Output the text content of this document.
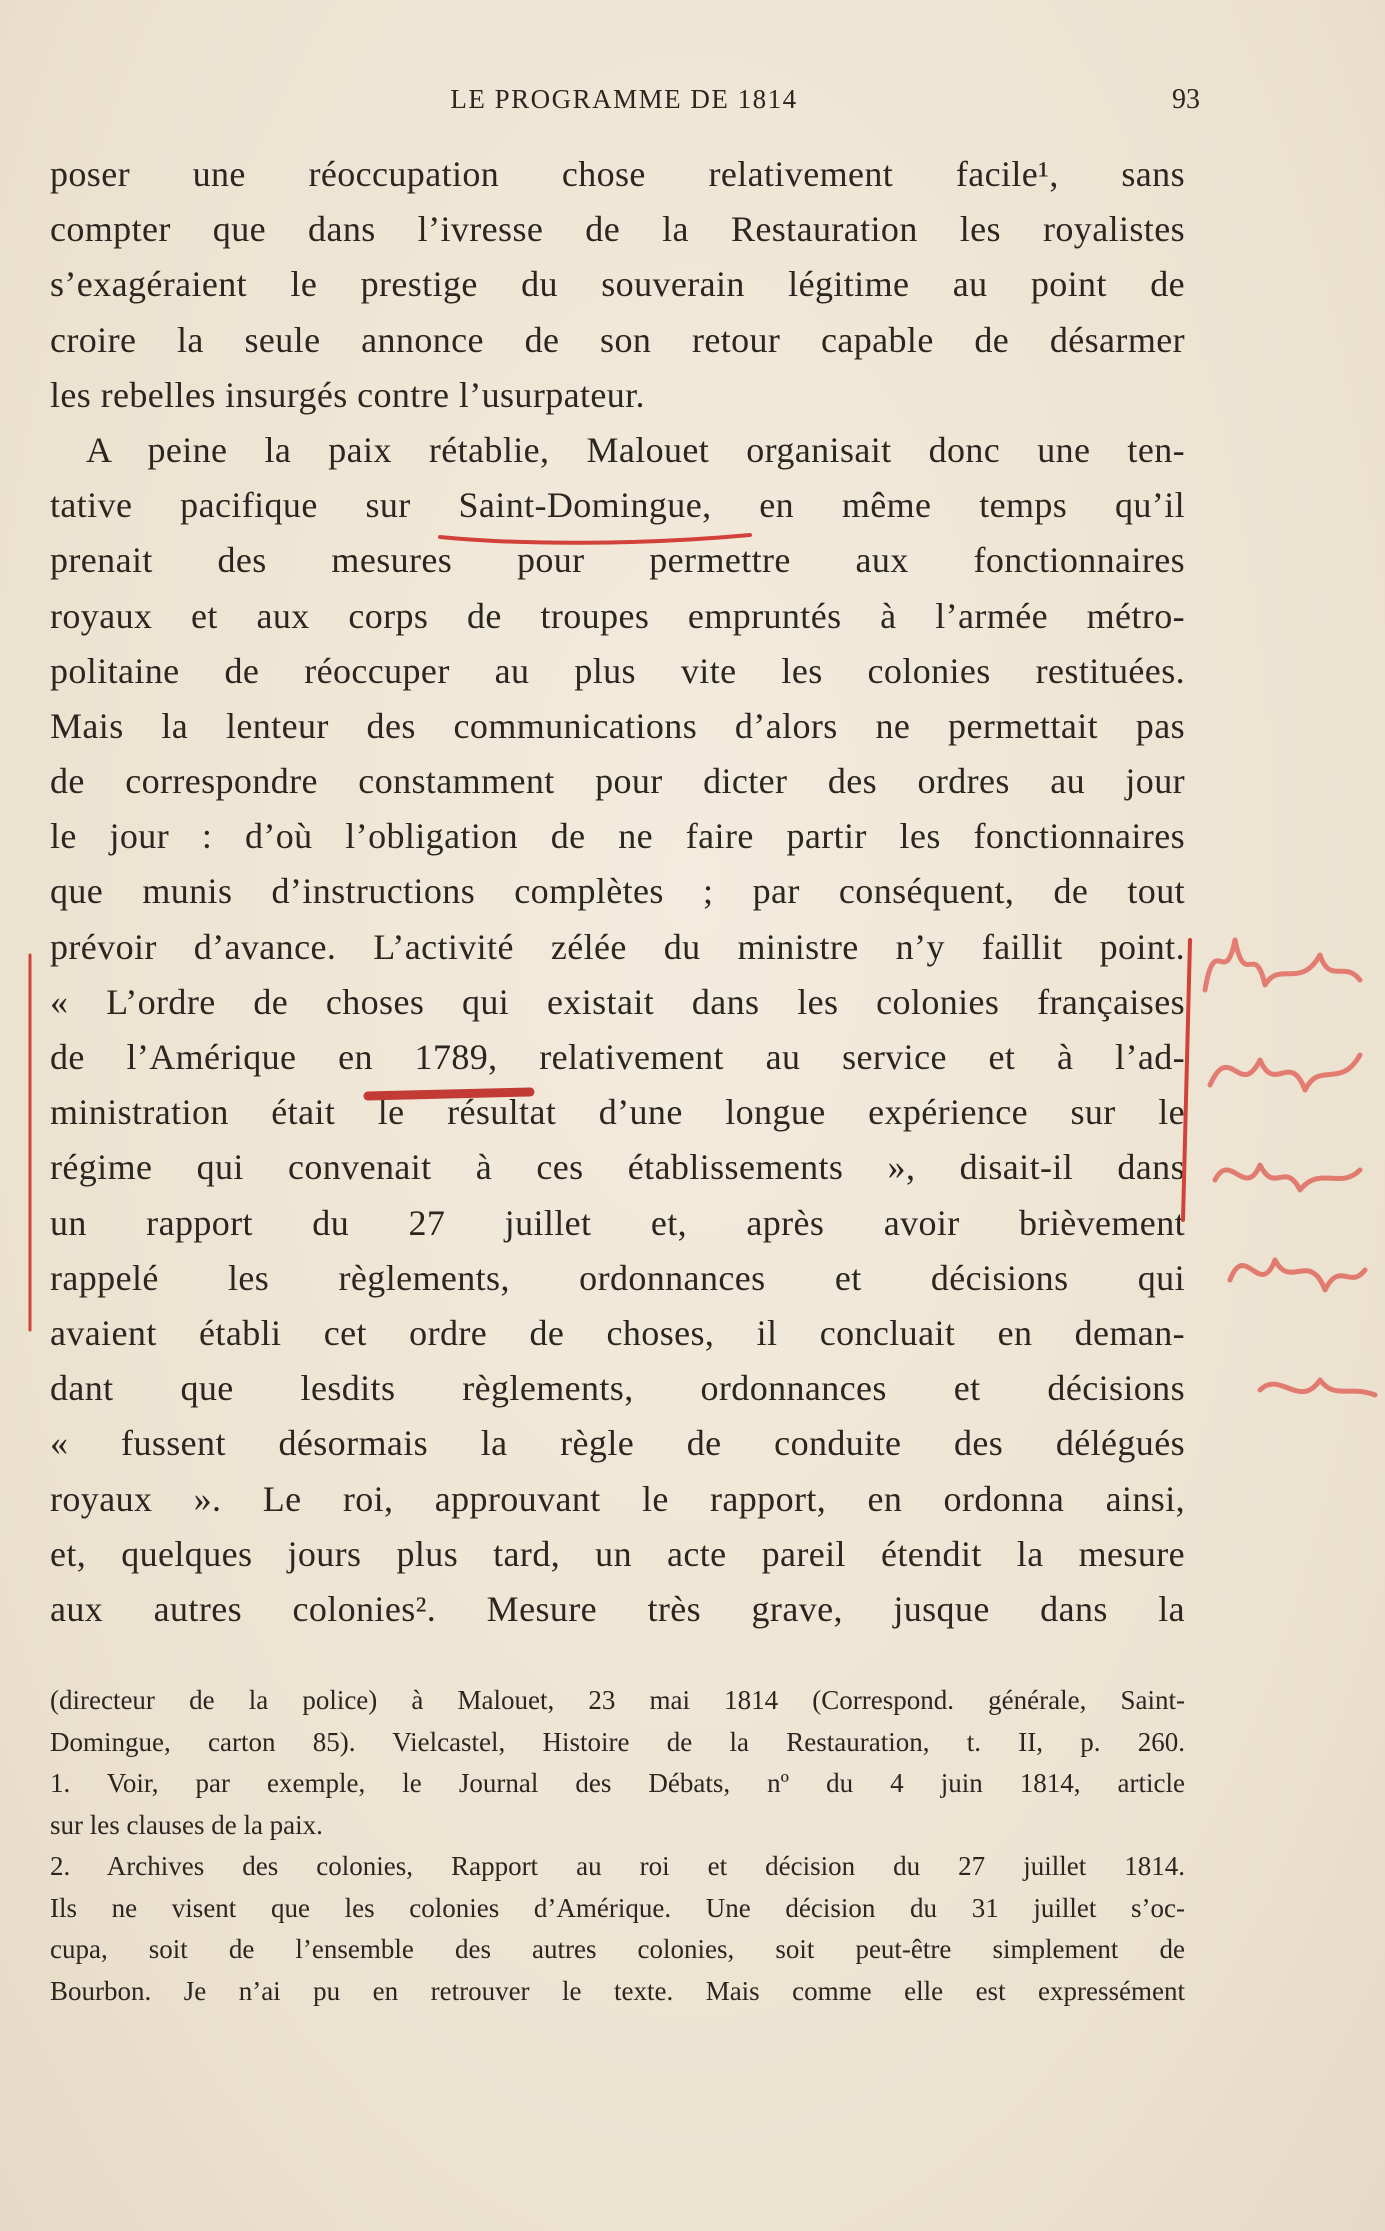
LE PROGRAMME DE 1814	93
poser une réoccupation chose relativement facile¹, sans
compter que dans l’ivresse de la Restauration les royalistes
s’exagéraient le prestige du souverain légitime au point de
croire la seule annonce de son retour capable de désarmer
les rebelles insurgés contre l’usurpateur.
A peine la paix rétablie, Malouet organisait donc une ten-
tative pacifique sur Saint-Domingue, en même temps qu’il
prenait des mesures pour permettre aux fonctionnaires
royaux et aux corps de troupes empruntés à l’armée métro-
politaine de réoccuper au plus vite les colonies restituées.
Mais la lenteur des communications d’alors ne permettait pas
de correspondre constamment pour dicter des ordres au jour
le jour : d’où l’obligation de ne faire partir les fonctionnaires
que munis d’instructions complètes ; par conséquent, de tout
prévoir d’avance. L’activité zélée du ministre n’y faillit point.
« L’ordre de choses qui existait dans les colonies françaises
de l’Amérique en 1789, relativement au service et à l’ad-
ministration était le résultat d’une longue expérience sur le
régime qui convenait à ces établissements », disait-il dans
un rapport du 27 juillet et, après avoir brièvement
rappelé les règlements, ordonnances et décisions qui
avaient établi cet ordre de choses, il concluait en deman-
dant que lesdits règlements, ordonnances et décisions
« fussent désormais la règle de conduite des délégués
royaux ». Le roi, approuvant le rapport, en ordonna ainsi,
et, quelques jours plus tard, un acte pareil étendit la mesure
aux autres colonies². Mesure très grave, jusque dans la
(directeur de la police) à Malouet, 23 mai 1814 (Correspond. générale, Saint-
Domingue, carton 85). Vielcastel, Histoire de la Restauration, t. II, p. 260.
1. Voir, par exemple, le Journal des Débats, nº du 4 juin 1814, article
sur les clauses de la paix.
2. Archives des colonies, Rapport au roi et décision du 27 juillet 1814.
Ils ne visent que les colonies d’Amérique. Une décision du 31 juillet s’oc-
cupa, soit de l’ensemble des autres colonies, soit peut-être simplement de
Bourbon. Je n’ai pu en retrouver le texte. Mais comme elle est expressément
